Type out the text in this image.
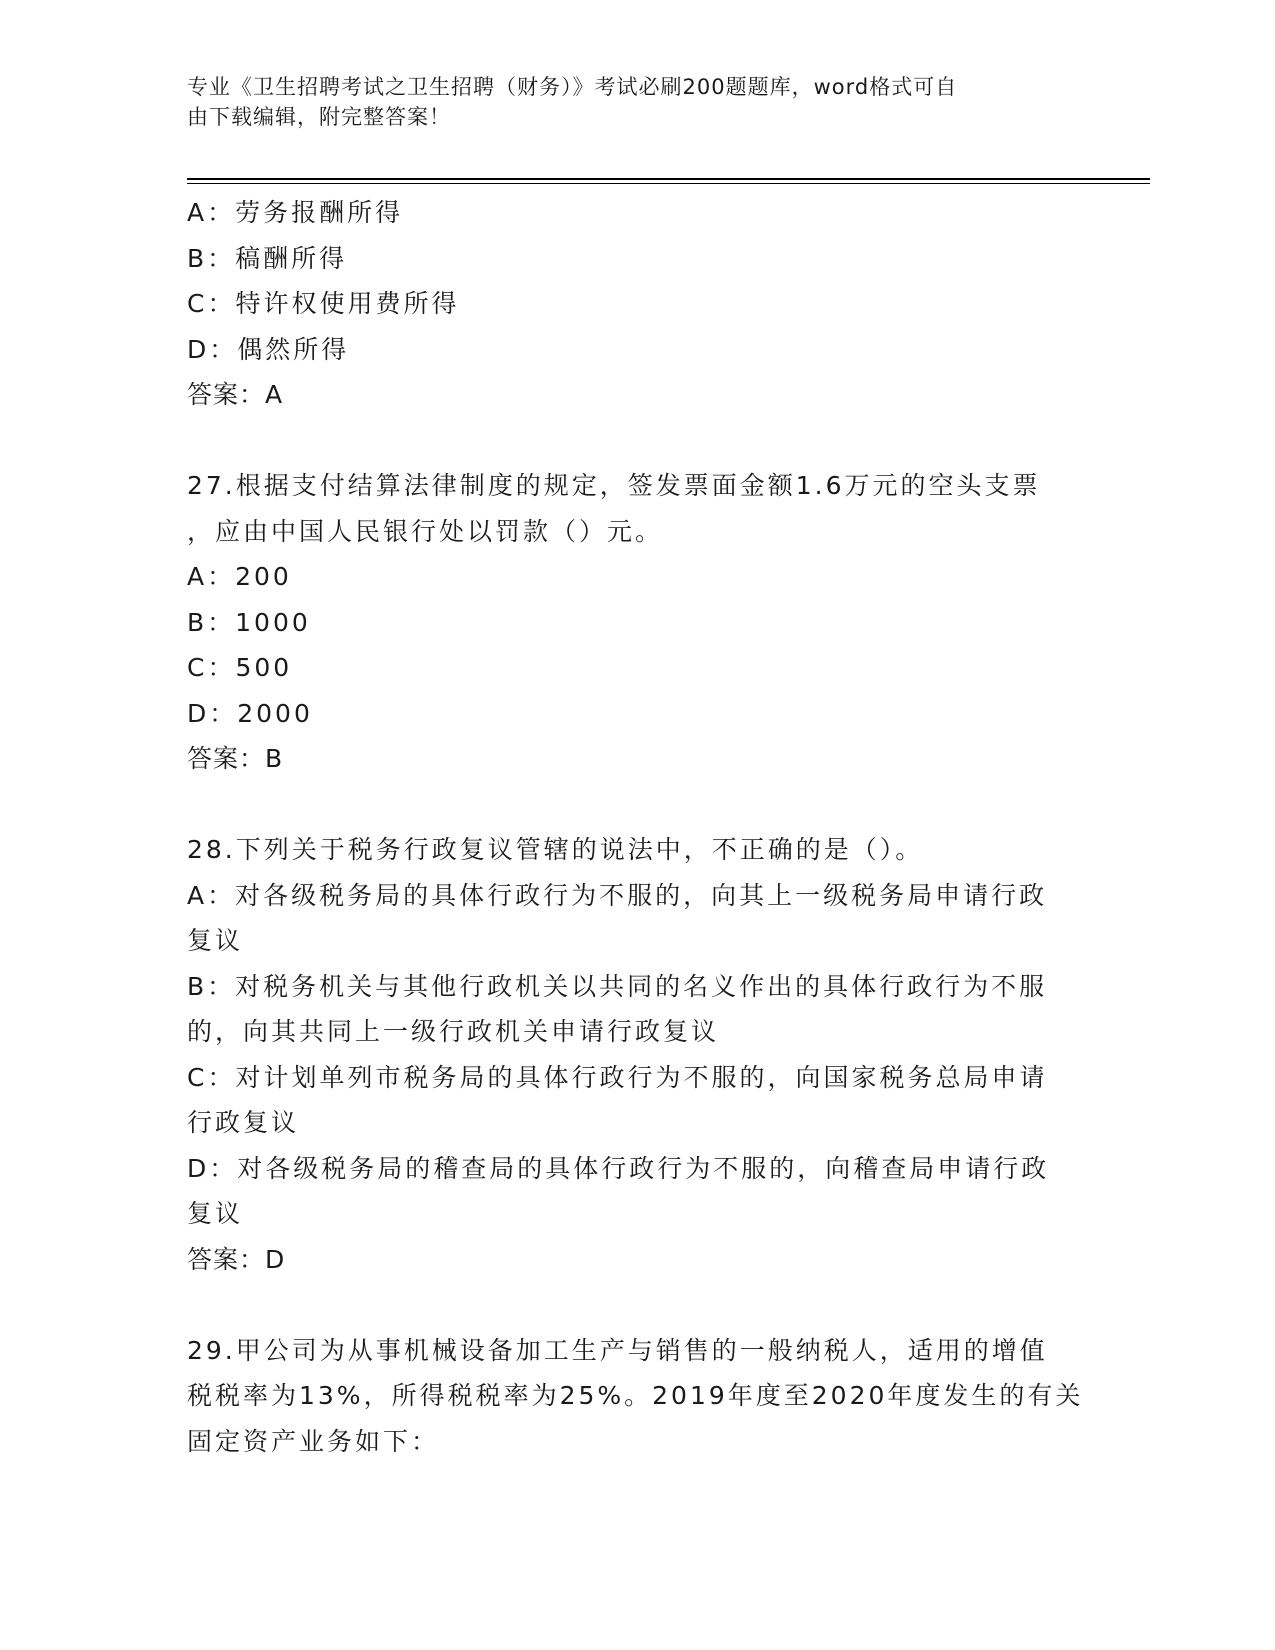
专业《卫生招聘考试之卫生招聘（财务）》考试必刷200题题库，word格式可自
由下载编辑，附完整答案！
A：劳务报酬所得
B：稿酬所得
C：特许权使用费所得
D：偶然所得
答案：A
27.根据支付结算法律制度的规定，签发票面金额1.6万元的空头支票
，应由中国人民银行处以罚款（）元。
A：200
B：1000
C：500
D：2000
答案：B
28.下列关于税务行政复议管辖的说法中，不正确的是（）。
A：对各级税务局的具体行政行为不服的，向其上一级税务局申请行政
复议
B：对税务机关与其他行政机关以共同的名义作出的具体行政行为不服
的，向其共同上一级行政机关申请行政复议
C：对计划单列市税务局的具体行政行为不服的，向国家税务总局申请
行政复议
D：对各级税务局的稽查局的具体行政行为不服的，向稽查局申请行政
复议
答案：D
29.甲公司为从事机械设备加工生产与销售的一般纳税人，适用的增值
税税率为13%，所得税税率为25%。2019年度至2020年度发生的有关
固定资产业务如下：
